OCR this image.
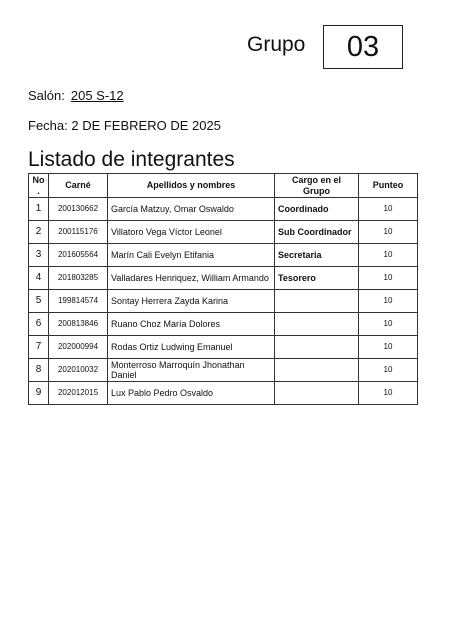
Grupo	03
Salón: 205 S-12
Fecha: 2 DE FEBRERO DE 2025
Listado de integrantes
No .	Carné	Apellidos y nombres	Cargo en el Grupo	Punteo
1	200130662	García Matzuy, Omar Oswaldo	Coordinado	10
2	200115176	Villatoro Vega Víctor Leonel	Sub Coordinador	10
3	201605564	Marín Cali Evelyn Etifania	Secretaria	10
4	201803285	Valladares Henriquez, William Armando	Tesorero	10
5	199814574	Sontay Herrera Zayda Karina		10
6	200813846	Ruano Choz María Dolores		10
7	202000994	Rodas Ortiz Ludwing Emanuel		10
8	202010032	Monterroso Marroquín Jhonathan Daniel		10
9	202012015	Lux Pablo Pedro Osvaldo		10
